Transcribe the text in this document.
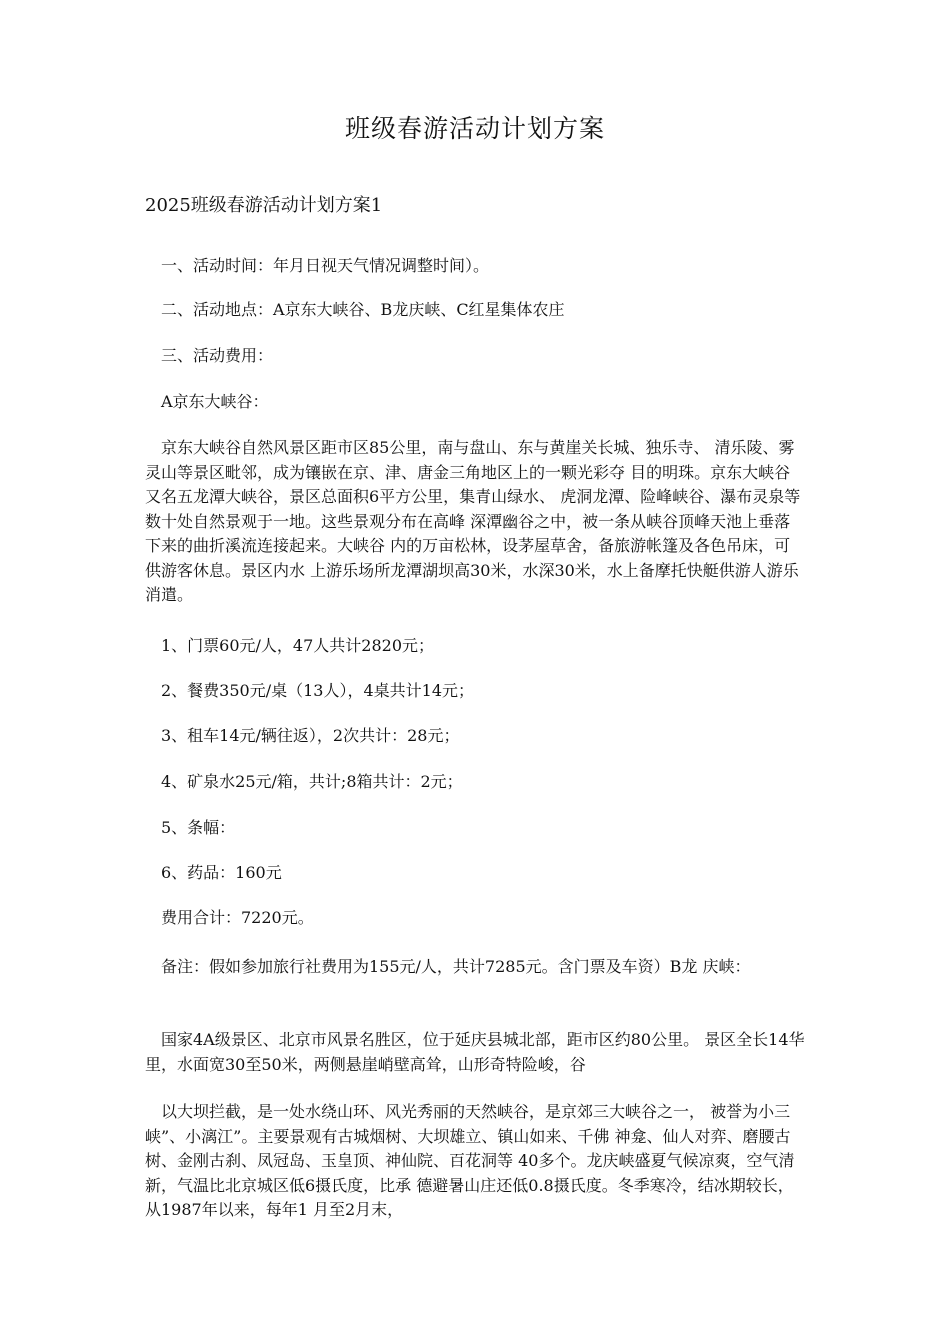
班级春游活动计划方案
2025班级春游活动计划方案1
一、活动时间：年月日视天气情况调整时间）。
二、活动地点：A京东大峡谷、B龙庆峡、C红星集体农庄
三、活动费用：
A京东大峡谷：
京东大峡谷自然风景区距市区85公里，南与盘山、东与黄崖关长城、独乐寺、 清乐陵、雾灵山等景区毗邻，成为镶嵌在京、津、唐金三角地区上的一颗光彩夺 目的明珠。京东大峡谷又名五龙潭大峡谷，景区总面积6平方公里，集青山绿水、 虎洞龙潭、险峰峡谷、瀑布灵泉等数十处自然景观于一地。这些景观分布在高峰 深潭幽谷之中，被一条从峡谷顶峰天池上垂落下来的曲折溪流连接起来。大峡谷 内的万亩松林，设茅屋草舍，备旅游帐篷及各色吊床，可供游客休息。景区内水 上游乐场所龙潭湖坝高30米，水深30米，水上备摩托快艇供游人游乐消遣。
1、门票60元/人，47人共计2820元；
2、餐费350元/桌（13人），4桌共计14元；
3、租车14元/辆往返），2次共计：28元；
4、矿泉水25元/箱，共计;8箱共计：2元；
5、条幅：
6、药品：160元
费用合计：7220元。
备注：假如参加旅行社费用为155元/人，共计7285元。含门票及车资）B龙 庆峡：
国家4A级景区、北京市风景名胜区，位于延庆县城北部，距市区约80公里。 景区全长14华里，水面宽30至50米，两侧悬崖峭壁高耸，山形奇特险峻，谷
以大坝拦截，是一处水绕山环、风光秀丽的天然峡谷，是京郊三大峡谷之一， 被誉为小三峡”、小漓江”。主要景观有古城烟树、大坝雄立、镇山如来、千佛 神龛、仙人对弈、磨腰古树、金刚古刹、凤冠岛、玉皇顶、神仙院、百花洞等 40多个。龙庆峡盛夏气候凉爽，空气清新，气温比北京城区低6摄氏度，比承 德避暑山庄还低0.8摄氏度。冬季寒冷，结冰期较长，从1987年以来，每年1 月至2月末，
